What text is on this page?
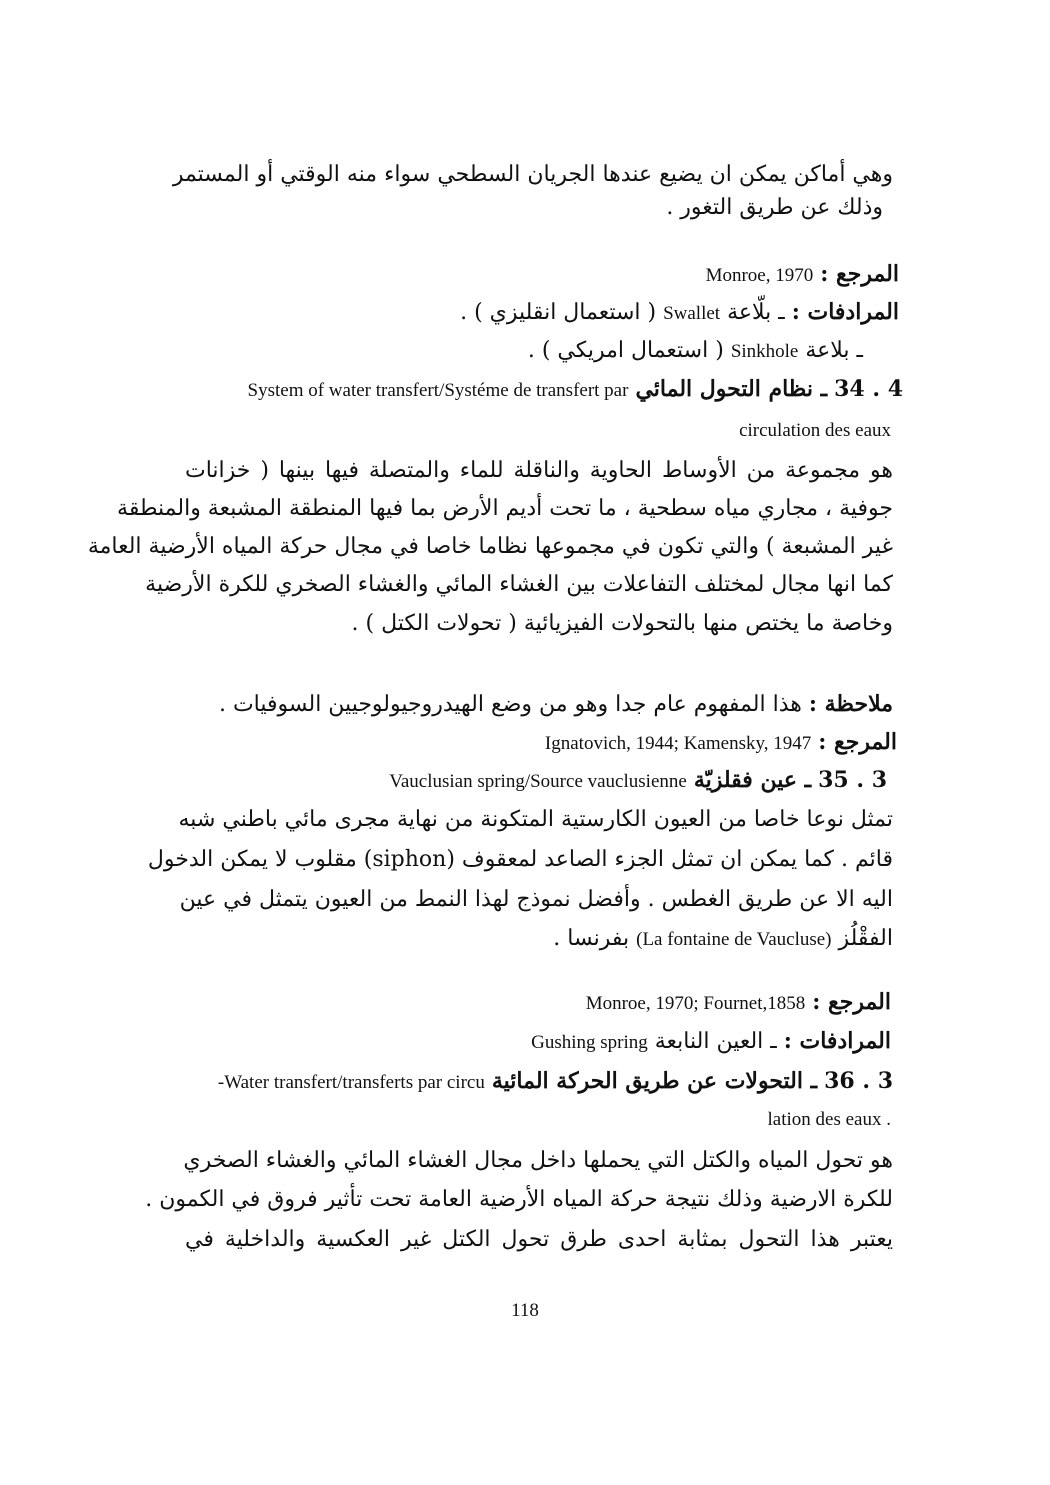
وهي أماكن يمكن ان يضيع عندها الجريان السطحي سواء منه الوقتي أو المستمر

وذلك عن طريق التغور .

المرجع : Monroe, 1970

المرادفات : ـ بلّاعة Swallet ( استعمال انقليزي ) .

ـ بلاعة Sinkhole ( استعمال امريكي ) .

4 . 34 ـ نظام التحول المائي System of water transfert/Systéme de transfert par

circulation des eaux

هو مجموعة من الأوساط الحاوية والناقلة للماء والمتصلة فيها بينها ( خزانات

جوفية ، مجاري مياه سطحية ، ما تحت أديم الأرض بما فيها المنطقة المشبعة والمنطقة

غير المشبعة ) والتي تكون في مجموعها نظاما خاصا في مجال حركة المياه الأرضية العامة

كما انها مجال لمختلف التفاعلات بين الغشاء المائي والغشاء الصخري للكرة الأرضية

وخاصة ما يختص منها بالتحولات الفيزيائية ( تحولات الكتل ) .

ملاحظة : هذا المفهوم عام جدا وهو من وضع الهيدروجيولوجيين السوفيات .

المرجع : Ignatovich, 1944; Kamensky, 1947

3 . 35 ـ عين فقلزيّة Vauclusian spring/Source vauclusienne

تمثل نوعا خاصا من العيون الكارستية المتكونة من نهاية مجرى مائي باطني شبه

قائم . كما يمكن ان تمثل الجزء الصاعد لمعقوف (siphon) مقلوب لا يمكن الدخول

اليه الا عن طريق الغطس . وأفضل نموذج لهذا النمط من العيون يتمثل في عين

الفقْلُز (La fontaine de Vaucluse) بفرنسا .

المرجع : Monroe, 1970; Fournet,1858

المرادفات : ـ العين النابعة Gushing spring

3 . 36 ـ التحولات عن طريق الحركة المائية Water transfert/transferts par circu-

. lation des eaux

هو تحول المياه والكتل التي يحملها داخل مجال الغشاء المائي والغشاء الصخري

للكرة الارضية وذلك نتيجة حركة المياه الأرضية العامة تحت تأثير فروق في الكمون .

يعتبر هذا التحول بمثابة احدى طرق تحول الكتل غير العكسية والداخلية في

118
